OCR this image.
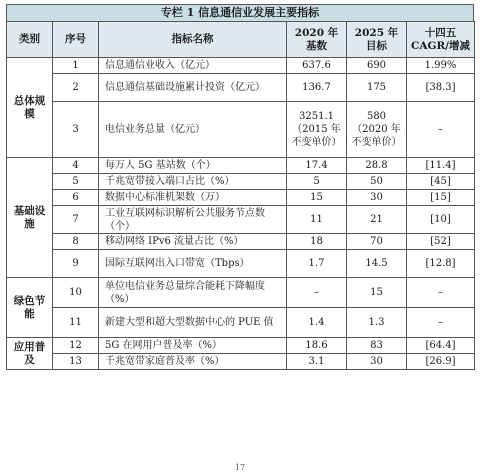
专栏 1 信息通信业发展主要指标
类别	序号	指标名称	2020 年基数	2025 年目标	十四五 CAGR/增减
总体规模	1	信息通信业收入（亿元）	637.6	690	1.99%
	2	信息通信基础设施累计投资（亿元）	136.7	175	[38.3]
	3	电信业务总量（亿元）	3251.1（2015 年不变单价）	580（2020 年不变单价）	–
基础设施	4	每万人 5G 基站数（个）	17.4	28.8	[11.4]
	5	千兆宽带接入端口占比（%）	5	50	[45]
	6	数据中心标准机架数（万）	15	30	[15]
	7	工业互联网标识解析公共服务节点数（个）	11	21	[10]
	8	移动网络 IPv6 流量占比（%）	18	70	[52]
	9	国际互联网出入口带宽（Tbps）	1.7	14.5	[12.8]
绿色节能	10	单位电信业务总量综合能耗下降幅度（%）	–	15	–
	11	新建大型和超大型数据中心的 PUE 值	1.4	1.3	–
应用普及	12	5G 在网用户普及率（%）	18.6	83	[64.4]
	13	千兆宽带家庭普及率（%）	3.1	30	[26.9]
17
